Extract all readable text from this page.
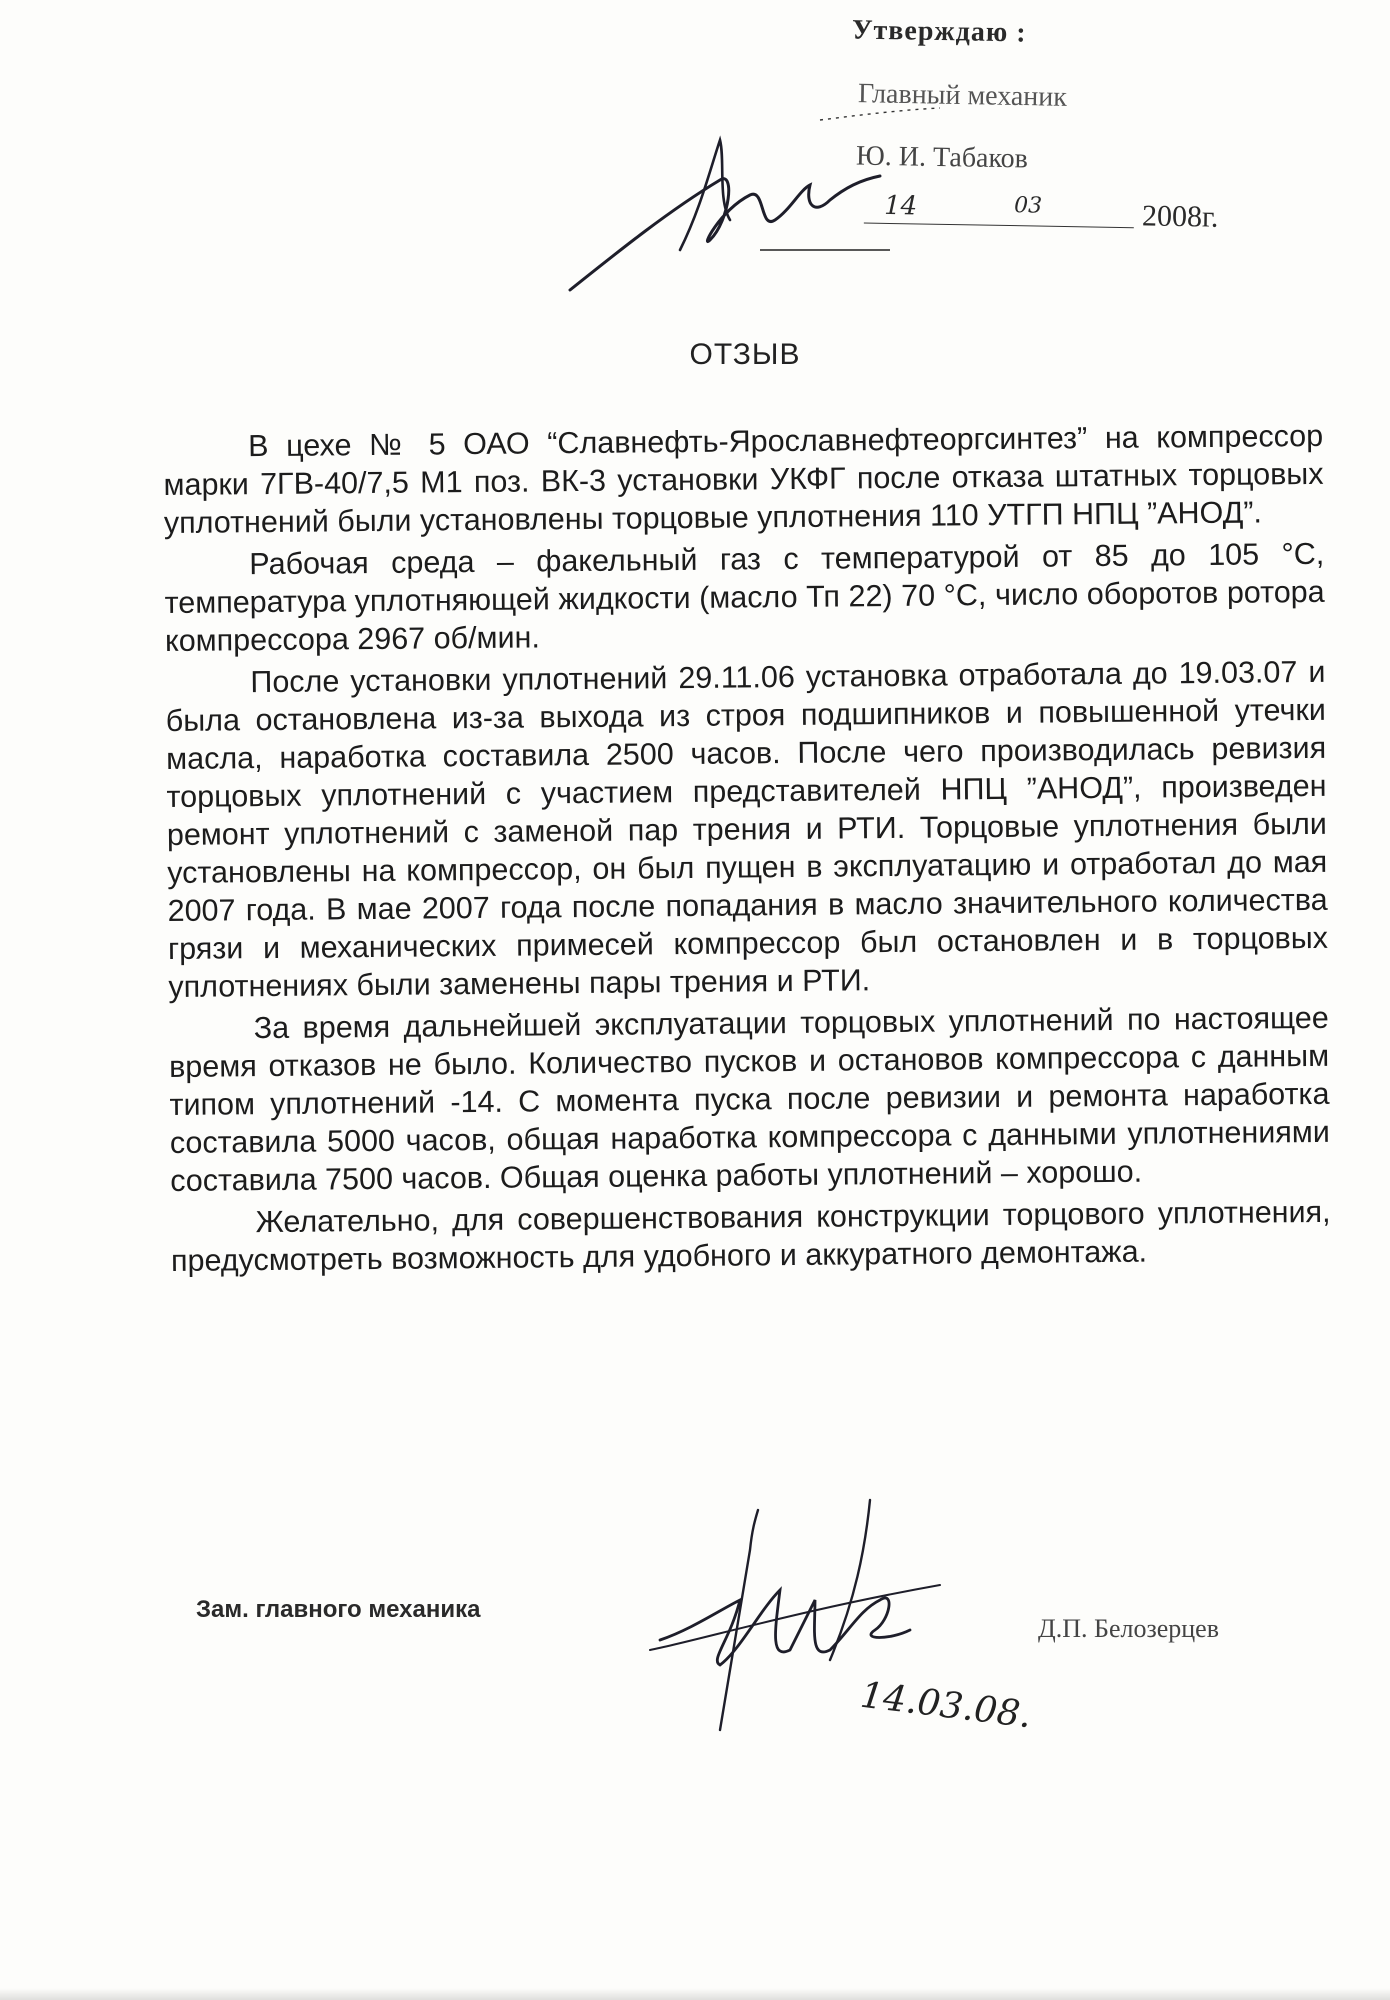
Утверждаю :
Главный механик
Ю. И. Табаков
14	03	2008г.
ОТЗЫВ

В цехе № 5 ОАО “Славнефть-Ярославнефтеоргсинтез” на компрессор марки 7ГВ-40/7,5 М1 поз. ВК-3 установки УКФГ после отказа штатных торцовых уплотнений были установлены торцовые уплотнения 110 УТГП НПЦ ”АНОД”.

Рабочая среда – факельный газ с температурой от 85 до 105 °С, температура уплотняющей жидкости (масло Тп 22) 70 °С, число оборотов ротора компрессора 2967 об/мин.

После установки уплотнений 29.11.06 установка отработала до 19.03.07 и была остановлена из-за выхода из строя подшипников и повышенной утечки масла, наработка составила 2500 часов. После чего производилась ревизия торцовых уплотнений с участием представителей НПЦ ”АНОД”, произведен ремонт уплотнений с заменой пар трения и РТИ. Торцовые уплотнения были установлены на компрессор, он был пущен в эксплуатацию и отработал до мая 2007 года. В мае 2007 года после попадания в масло значительного количества грязи и механических примесей компрессор был остановлен и в торцовых уплотнениях были заменены пары трения и РТИ.

За время дальнейшей эксплуатации торцовых уплотнений по настоящее время отказов не было. Количество пусков и остановов компрессора с данным типом уплотнений -14. С момента пуска после ревизии и ремонта наработка составила 5000 часов, общая наработка компрессора с данными уплотнениями составила 7500 часов. Общая оценка работы уплотнений – хорошо.

Желательно, для совершенствования конструкции торцового уплотнения, предусмотреть возможность для удобного и аккуратного демонтажа.

Зам. главного механика
Д.П. Белозерцев
14.03.08.
